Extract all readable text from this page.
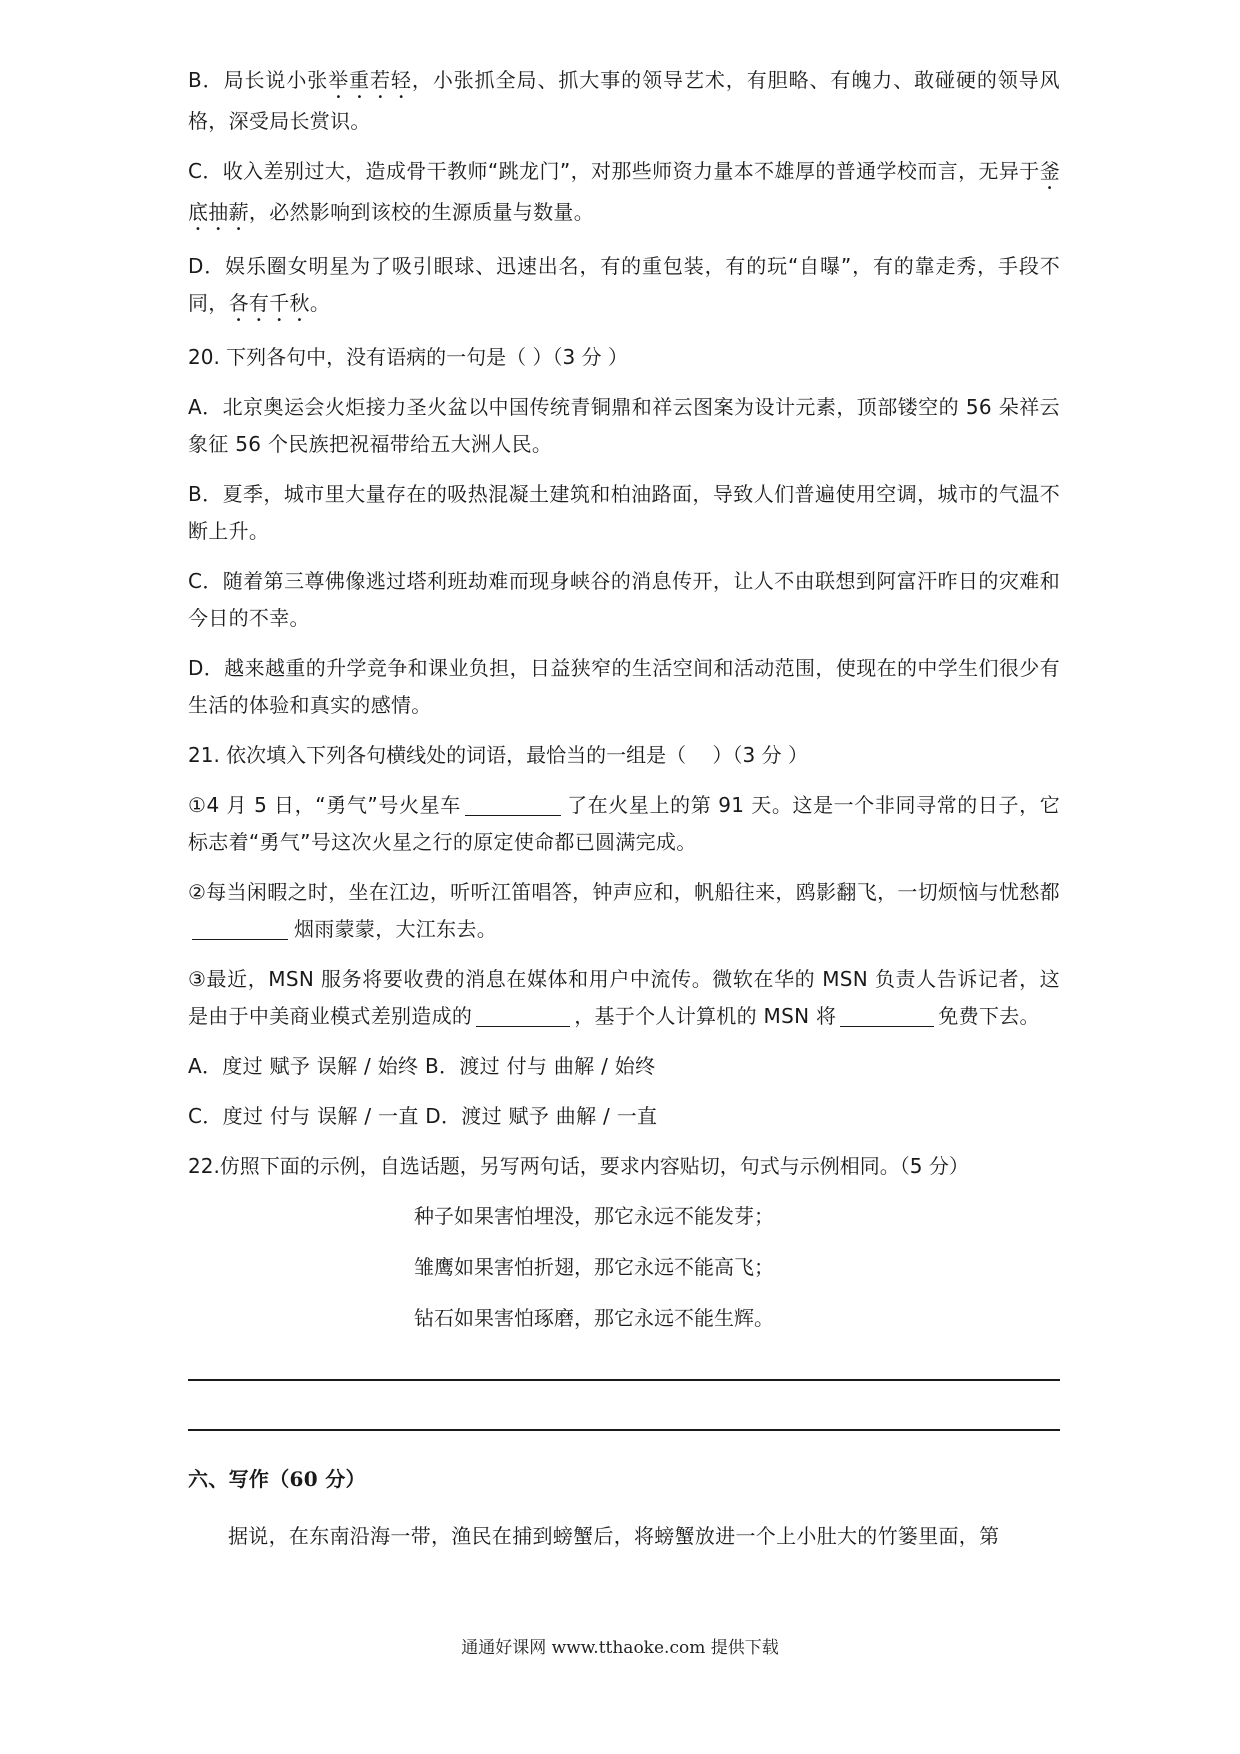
B．局长说小张举重若轻，小张抓全局、抓大事的领导艺术，有胆略、有魄力、敢碰硬的领导风格，深受局长赏识。

C．收入差别过大，造成骨干教师“跳龙门”，对那些师资力量本不雄厚的普通学校而言，无异于釜底抽薪，必然影响到该校的生源质量与数量。

D．娱乐圈女明星为了吸引眼球、迅速出名，有的重包装，有的玩“自曝”，有的靠走秀，手段不同，各有千秋。

20. 下列各句中，没有语病的一句是（ ）（3 分 ）

A．北京奥运会火炬接力圣火盆以中国传统青铜鼎和祥云图案为设计元素，顶部镂空的 56 朵祥云象征 56 个民族把祝福带给五大洲人民。

B．夏季，城市里大量存在的吸热混凝土建筑和柏油路面，导致人们普遍使用空调，城市的气温不断上升。

C．随着第三尊佛像逃过塔利班劫难而现身峡谷的消息传开，让人不由联想到阿富汗昨日的灾难和今日的不幸。

D．越来越重的升学竞争和课业负担，日益狭窄的生活空间和活动范围，使现在的中学生们很少有生活的体验和真实的感情。

21. 依次填入下列各句横线处的词语，最恰当的一组是（　 ）（3 分 ）

①4 月 5 日，“勇气”号火星车	了在火星上的第 91 天。这是一个非同寻常的日子，它标志着“勇气”号这次火星之行的原定使命都已圆满完成。

②每当闲暇之时，坐在江边，听听江笛唱答，钟声应和，帆船往来，鸥影翻飞，一切烦恼与忧愁都烟雨蒙蒙，大江东去。

③最近，MSN 服务将要收费的消息在媒体和用户中流传。微软在华的 MSN 负责人告诉记者，这是由于中美商业模式差别造成的	，基于个人计算机的 MSN 将	免费下去。

A．度过 赋予 误解 / 始终 B．渡过 付与 曲解 / 始终

C．度过 付与 误解 / 一直 D．渡过 赋予 曲解 / 一直

22.仿照下面的示例，自选话题，另写两句话，要求内容贴切，句式与示例相同。（5 分）

种子如果害怕埋没，那它永远不能发芽；

雏鹰如果害怕折翅，那它永远不能高飞；

钻石如果害怕琢磨，那它永远不能生辉。

六、写作（60 分）

据说，在东南沿海一带，渔民在捕到螃蟹后，将螃蟹放进一个上小肚大的竹篓里面，第

通通好课网 www.tthaoke.com 提供下载
